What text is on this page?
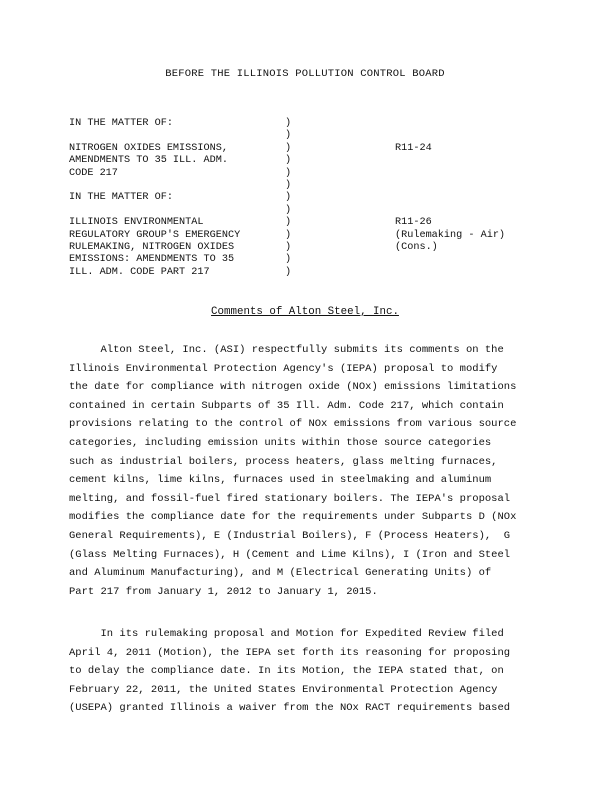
BEFORE THE ILLINOIS POLLUTION CONTROL BOARD
IN THE MATTER OF:	)
)
NITROGEN OXIDES EMISSIONS,	)	R11-24
AMENDMENTS TO 35 ILL. ADM.	)
CODE 217	)
)
IN THE MATTER OF:	)
)
ILLINOIS ENVIRONMENTAL	)	R11-26
REGULATORY GROUP'S EMERGENCY	)	(Rulemaking - Air)
RULEMAKING, NITROGEN OXIDES	)	(Cons.)
EMISSIONS: AMENDMENTS TO 35	)
ILL. ADM. CODE PART 217	)
Comments of Alton Steel, Inc.

Alton Steel, Inc. (ASI) respectfully submits its comments on the

Illinois Environmental Protection Agency's (IEPA) proposal to modify

the date for compliance with nitrogen oxide (NOx) emissions limitations

contained in certain Subparts of 35 Ill. Adm. Code 217, which contain

provisions relating to the control of NOx emissions from various source

categories, including emission units within those source categories

such as industrial boilers, process heaters, glass melting furnaces,

cement kilns, lime kilns, furnaces used in steelmaking and aluminum

melting, and fossil-fuel fired stationary boilers. The IEPA's proposal

modifies the compliance date for the requirements under Subparts D (NOx

General Requirements), E (Industrial Boilers), F (Process Heaters),  G

(Glass Melting Furnaces), H (Cement and Lime Kilns), I (Iron and Steel

and Aluminum Manufacturing), and M (Electrical Generating Units) of

Part 217 from January 1, 2012 to January 1, 2015.

In its rulemaking proposal and Motion for Expedited Review filed

April 4, 2011 (Motion), the IEPA set forth its reasoning for proposing

to delay the compliance date. In its Motion, the IEPA stated that, on

February 22, 2011, the United States Environmental Protection Agency

(USEPA) granted Illinois a waiver from the NOx RACT requirements based
